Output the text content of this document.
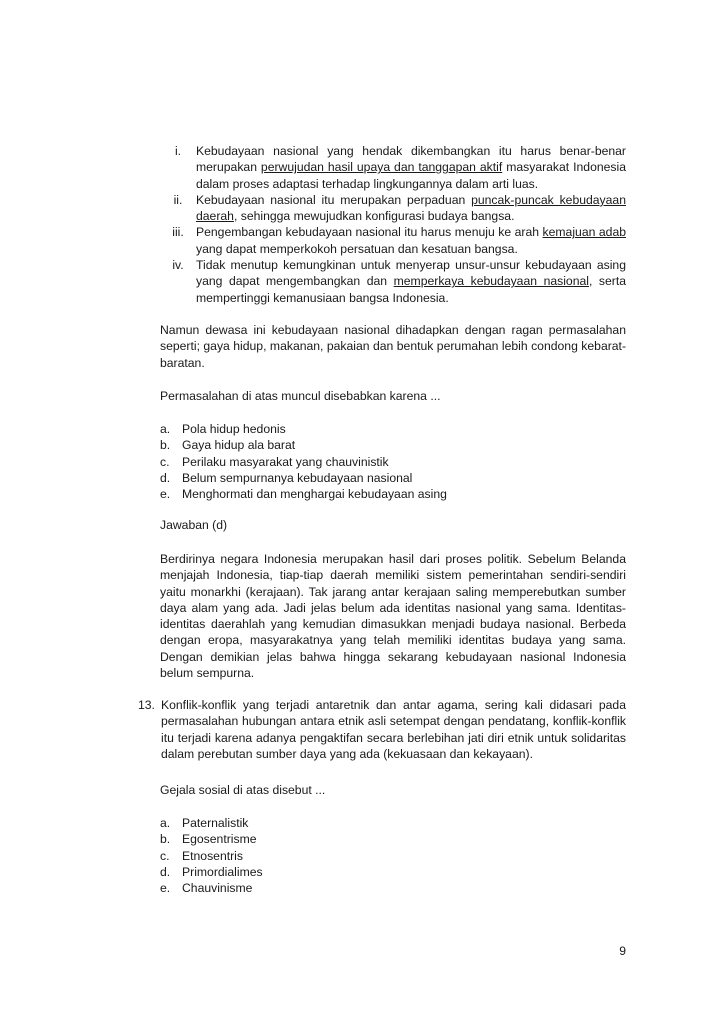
i.	Kebudayaan nasional yang hendak dikembangkan itu harus benar-benar merupakan perwujudan hasil upaya dan tanggapan aktif masyarakat Indonesia dalam proses adaptasi terhadap lingkungannya dalam arti luas.
ii.	Kebudayaan nasional itu merupakan perpaduan puncak-puncak kebudayaan daerah, sehingga mewujudkan konfigurasi budaya bangsa.
iii.	Pengembangan kebudayaan nasional itu harus menuju ke arah kemajuan adab yang dapat memperkokoh persatuan dan kesatuan bangsa.
iv.	Tidak menutup kemungkinan untuk menyerap unsur-unsur kebudayaan asing yang dapat mengembangkan dan memperkaya kebudayaan nasional, serta mempertinggi kemanusiaan bangsa Indonesia.
Namun dewasa ini kebudayaan nasional dihadapkan dengan ragan permasalahan seperti; gaya hidup, makanan, pakaian dan bentuk perumahan lebih condong kebarat-baratan.
Permasalahan di atas muncul disebabkan karena ...
a. Pola hidup hedonis
b. Gaya hidup ala barat
c.	Perilaku masyarakat yang chauvinistik
d. Belum sempurnanya kebudayaan nasional
e. Menghormati dan menghargai kebudayaan asing
Jawaban (d)
Berdirinya negara Indonesia merupakan hasil dari proses politik. Sebelum Belanda menjajah Indonesia, tiap-tiap daerah memiliki sistem pemerintahan sendiri-sendiri yaitu monarkhi (kerajaan). Tak jarang antar kerajaan saling memperebutkan sumber daya alam yang ada. Jadi jelas belum ada identitas nasional yang sama. Identitas-identitas daerahlah yang kemudian dimasukkan menjadi budaya nasional. Berbeda dengan eropa, masyarakatnya yang telah memiliki identitas budaya yang sama. Dengan demikian jelas bahwa hingga sekarang kebudayaan nasional Indonesia belum sempurna.
13. Konflik-konflik yang terjadi antaretnik dan antar agama, sering kali didasari pada permasalahan hubungan antara etnik asli setempat dengan pendatang, konflik-konflik itu terjadi karena adanya pengaktifan secara berlebihan jati diri etnik untuk solidaritas dalam perebutan sumber daya yang ada (kekuasaan dan kekayaan).
Gejala sosial di atas disebut ...
a. Paternalistik
b. Egosentrisme
c.	Etnosentris
d. Primordialimes
e. Chauvinisme
9
